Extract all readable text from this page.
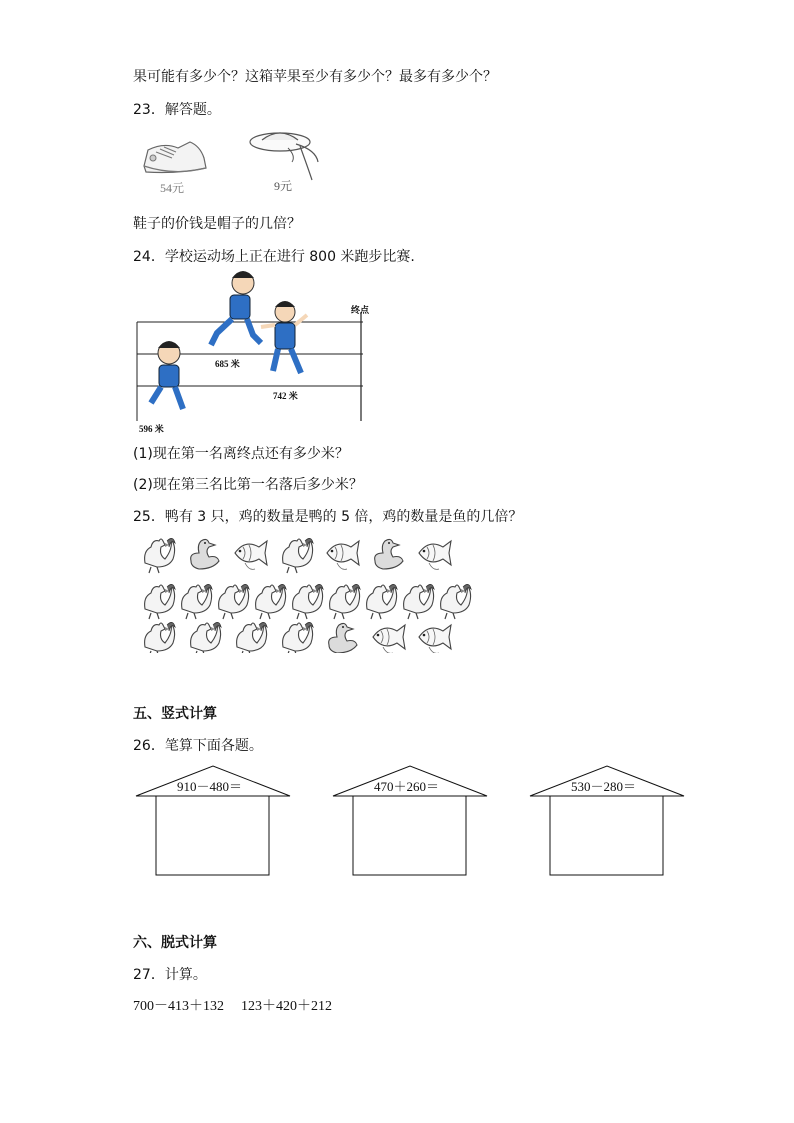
果可能有多少个？这箱苹果至少有多少个？最多有多少个？
23．解答题。
54元	9元
鞋子的价钱是帽子的几倍？
24．学校运动场上正在进行 800 米跑步比赛.
终点
685 米
742 米
596 米
(1)现在第一名离终点还有多少米？
(2)现在第三名比第一名落后多少米？
25．鸭有 3 只，鸡的数量是鸭的 5 倍，鸡的数量是鱼的几倍？
五、竖式计算
26．笔算下面各题。
910－480＝	470＋260＝	530－280＝
六、脱式计算
27．计算。
700－413＋132 123＋420＋212
